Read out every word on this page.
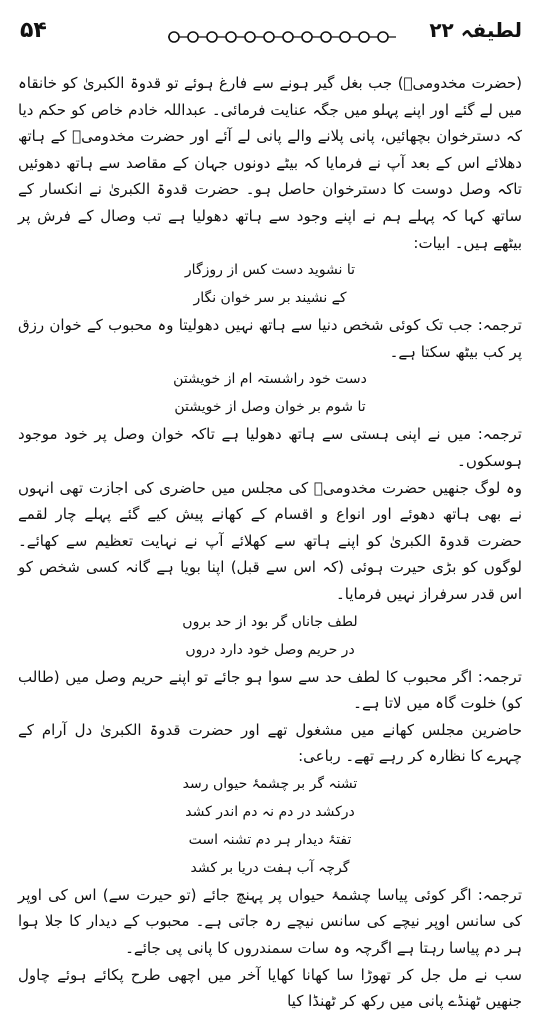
۵۴	لطیفہ ۲۲

(حضرت مخدومیؒ) جب بغل گیر ہونے سے فارغ ہوئے تو قدوۃ الکبریٰ کو خانقاہ میں لے گئے اور اپنے پہلو میں جگہ عنایت فرمائی۔ عبداللہ خادم خاص کو حکم دیا کہ دسترخوان بچھائیں، پانی پلانے والے پانی لے آئے اور حضرت مخدومیؒ کے ہاتھ دھلائے اس کے بعد آپ نے فرمایا کہ بیٹے دونوں جہان کے مقاصد سے ہاتھ دھوئیں تاکہ وصل دوست کا دسترخوان حاصل ہو۔ حضرت قدوۃ الکبریٰ نے انکسار کے ساتھ کہا کہ پہلے ہم نے اپنے وجود سے ہاتھ دھولیا ہے تب وصال کے فرش پر بیٹھے ہیں۔ ابیات:

تا نشوید دست کس از روزگار
کے نشیند بر سر خوان نگار

ترجمہ: جب تک کوئی شخص دنیا سے ہاتھ نہیں دھولیتا وہ محبوب کے خوان رزق پر کب بیٹھ سکتا ہے۔

دست خود راشستہ ام از خویشتن
تا شوم بر خوان وصل از خویشتن

ترجمہ: میں نے اپنی ہستی سے ہاتھ دھولیا ہے تاکہ خوان وصل پر خود موجود ہوسکوں۔

وہ لوگ جنھیں حضرت مخدومیؒ کی مجلس میں حاضری کی اجازت تھی انہوں نے بھی ہاتھ دھوئے اور انواع و اقسام کے کھانے پیش کیے گئے پہلے چار لقمے حضرت قدوۃ الکبریٰ کو اپنے ہاتھ سے کھلائے آپ نے نہایت تعظیم سے کھائے۔ لوگوں کو بڑی حیرت ہوئی (کہ اس سے قبل) اپنا بویا ہے گانہ کسی شخص کو اس قدر سرفراز نہیں فرمایا۔

لطف جاناں گر بود از حد بروں
در حریم وصل خود دارد دروں

ترجمہ: اگر محبوب کا لطف حد سے سوا ہو جائے تو اپنے حریم وصل میں (طالب کو) خلوت گاہ میں لاتا ہے۔

حاضرین مجلس کھانے میں مشغول تھے اور حضرت قدوۃ الکبریٰ دل آرام کے چہرے کا نظارہ کر رہے تھے۔ رباعی:

تشنہ گر بر چشمۂ حیواں رسد
درکشد در دم نہ دم اندر کشد
تفتۂ دیدار ہر دم تشنہ است
گرچہ آب ہفت دریا بر کشد

ترجمہ: اگر کوئی پیاسا چشمۂ حیواں پر پہنچ جائے (تو حیرت سے) اس کی اوپر کی سانس اوپر نیچے کی سانس نیچے رہ جاتی ہے۔ محبوب کے دیدار کا جلا ہوا ہر دم پیاسا رہتا ہے اگرچہ وہ سات سمندروں کا پانی پی جائے۔

سب نے مل جل کر تھوڑا سا کھانا کھایا آخر میں اچھی طرح پکائے ہوئے چاول جنھیں ٹھنڈے پانی میں رکھ کر ٹھنڈا کیا
